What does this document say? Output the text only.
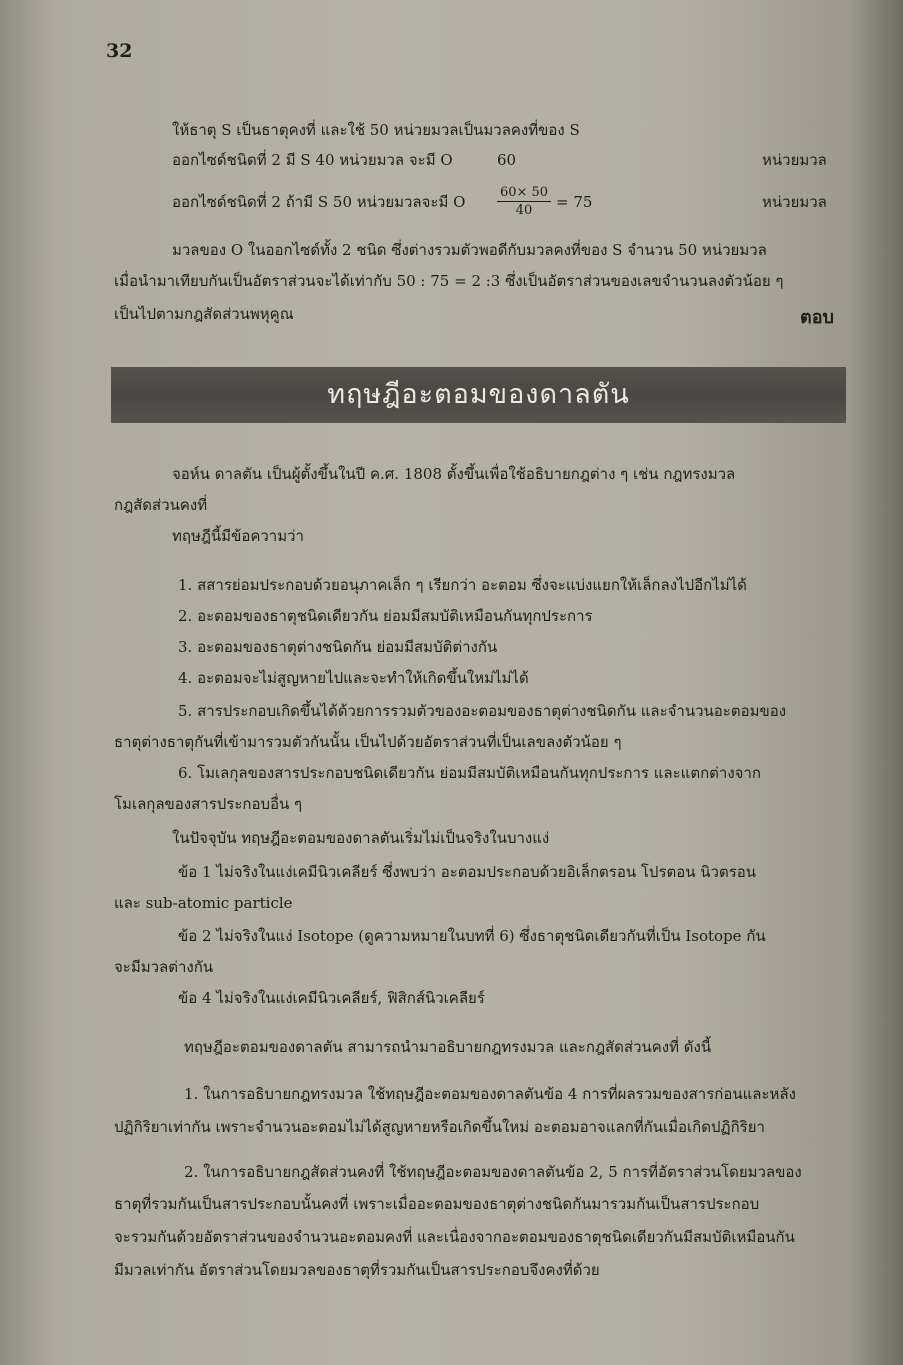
32
ให้ธาตุ S เป็นธาตุคงที่ และใช้ 50 หน่วยมวลเป็นมวลคงที่ของ S
ออกไซด์ชนิดที่ 2 มี S 40 หน่วยมวล จะมี O	60	หน่วยมวล
ออกไซด์ชนิดที่ 2 ถ้ามี S 50 หน่วยมวลจะมี O $\frac{60\times 50}{40} = 75$	หน่วยมวล
มวลของ O ในออกไซด์ทั้ง 2 ชนิด ซึ่งต่างรวมตัวพอดีกับมวลคงที่ของ S จำนวน 50 หน่วยมวล
เมื่อนำมาเทียบกันเป็นอัตราส่วนจะได้เท่ากับ 50 : 75 = 2 :3 ซึ่งเป็นอัตราส่วนของเลขจำนวนลงตัวน้อย ๆ
เป็นไปตามกฎสัดส่วนพหุคูณ	ตอบ
ทฤษฎีอะตอมของดาลตัน
จอห์น ดาลตัน เป็นผู้ตั้งขึ้นในปี ค.ศ. 1808 ตั้งขึ้นเพื่อใช้อธิบายกฎต่าง ๆ เช่น กฎทรงมวล
กฎสัดส่วนคงที่
ทฤษฎีนี้มีข้อความว่า
1. สสารย่อมประกอบด้วยอนุภาคเล็ก ๆ เรียกว่า อะตอม ซึ่งจะแบ่งแยกให้เล็กลงไปอีกไม่ได้
2. อะตอมของธาตุชนิดเดียวกัน ย่อมมีสมบัติเหมือนกันทุกประการ
3. อะตอมของธาตุต่างชนิดกัน ย่อมมีสมบัติต่างกัน
4. อะตอมจะไม่สูญหายไปและจะทำให้เกิดขึ้นใหม่ไม่ได้
5. สารประกอบเกิดขึ้นได้ด้วยการรวมตัวของอะตอมของธาตุต่างชนิดกัน และจำนวนอะตอมของ
ธาตุต่างธาตุกันที่เข้ามารวมตัวกันนั้น เป็นไปด้วยอัตราส่วนที่เป็นเลขลงตัวน้อย ๆ
6. โมเลกุลของสารประกอบชนิดเดียวกัน ย่อมมีสมบัติเหมือนกันทุกประการ และแตกต่างจาก
โมเลกุลของสารประกอบอื่น ๆ
ในปัจจุบัน ทฤษฎีอะตอมของดาลตันเริ่มไม่เป็นจริงในบางแง่
ข้อ 1 ไม่จริงในแง่เคมีนิวเคลียร์ ซึ่งพบว่า อะตอมประกอบด้วยอิเล็กตรอน โปรตอน นิวตรอน
และ sub-atomic particle
ข้อ 2 ไม่จริงในแง่ Isotope (ดูความหมายในบทที่ 6) ซึ่งธาตุชนิดเดียวกันที่เป็น Isotope กัน
จะมีมวลต่างกัน
ข้อ 4 ไม่จริงในแง่เคมีนิวเคลียร์, ฟิสิกส์นิวเคลียร์
ทฤษฎีอะตอมของดาลตัน สามารถนำมาอธิบายกฎทรงมวล และกฎสัดส่วนคงที่ ดังนี้
1. ในการอธิบายกฎทรงมวล ใช้ทฤษฎีอะตอมของดาลตันข้อ 4 การที่ผลรวมของสารก่อนและหลัง
ปฏิกิริยาเท่ากัน เพราะจำนวนอะตอมไม่ได้สูญหายหรือเกิดขึ้นใหม่ อะตอมอาจแลกที่กันเมื่อเกิดปฏิกิริยา
2. ในการอธิบายกฎสัดส่วนคงที่ ใช้ทฤษฎีอะตอมของดาลตันข้อ 2, 5 การที่อัตราส่วนโดยมวลของ
ธาตุที่รวมกันเป็นสารประกอบนั้นคงที่ เพราะเมื่ออะตอมของธาตุต่างชนิดกันมารวมกันเป็นสารประกอบ
จะรวมกันด้วยอัตราส่วนของจำนวนอะตอมคงที่ และเนื่องจากอะตอมของธาตุชนิดเดียวกันมีสมบัติเหมือนกัน
มีมวลเท่ากัน อัตราส่วนโดยมวลของธาตุที่รวมกันเป็นสารประกอบจึงคงที่ด้วย
